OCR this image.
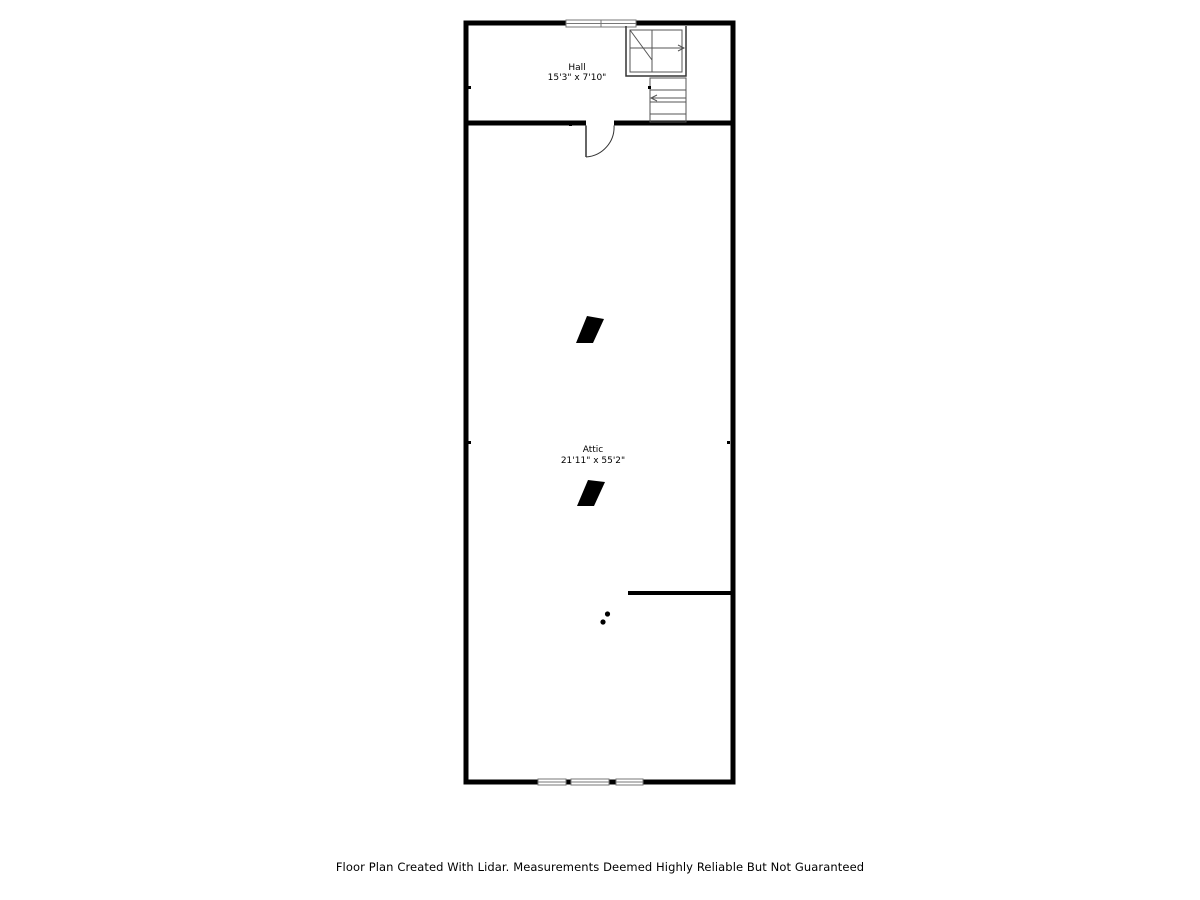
Hall
15'3" x 7'10"
Attic
21'11" x 55'2"
Floor Plan Created With Lidar. Measurements Deemed Highly Reliable But Not Guaranteed
